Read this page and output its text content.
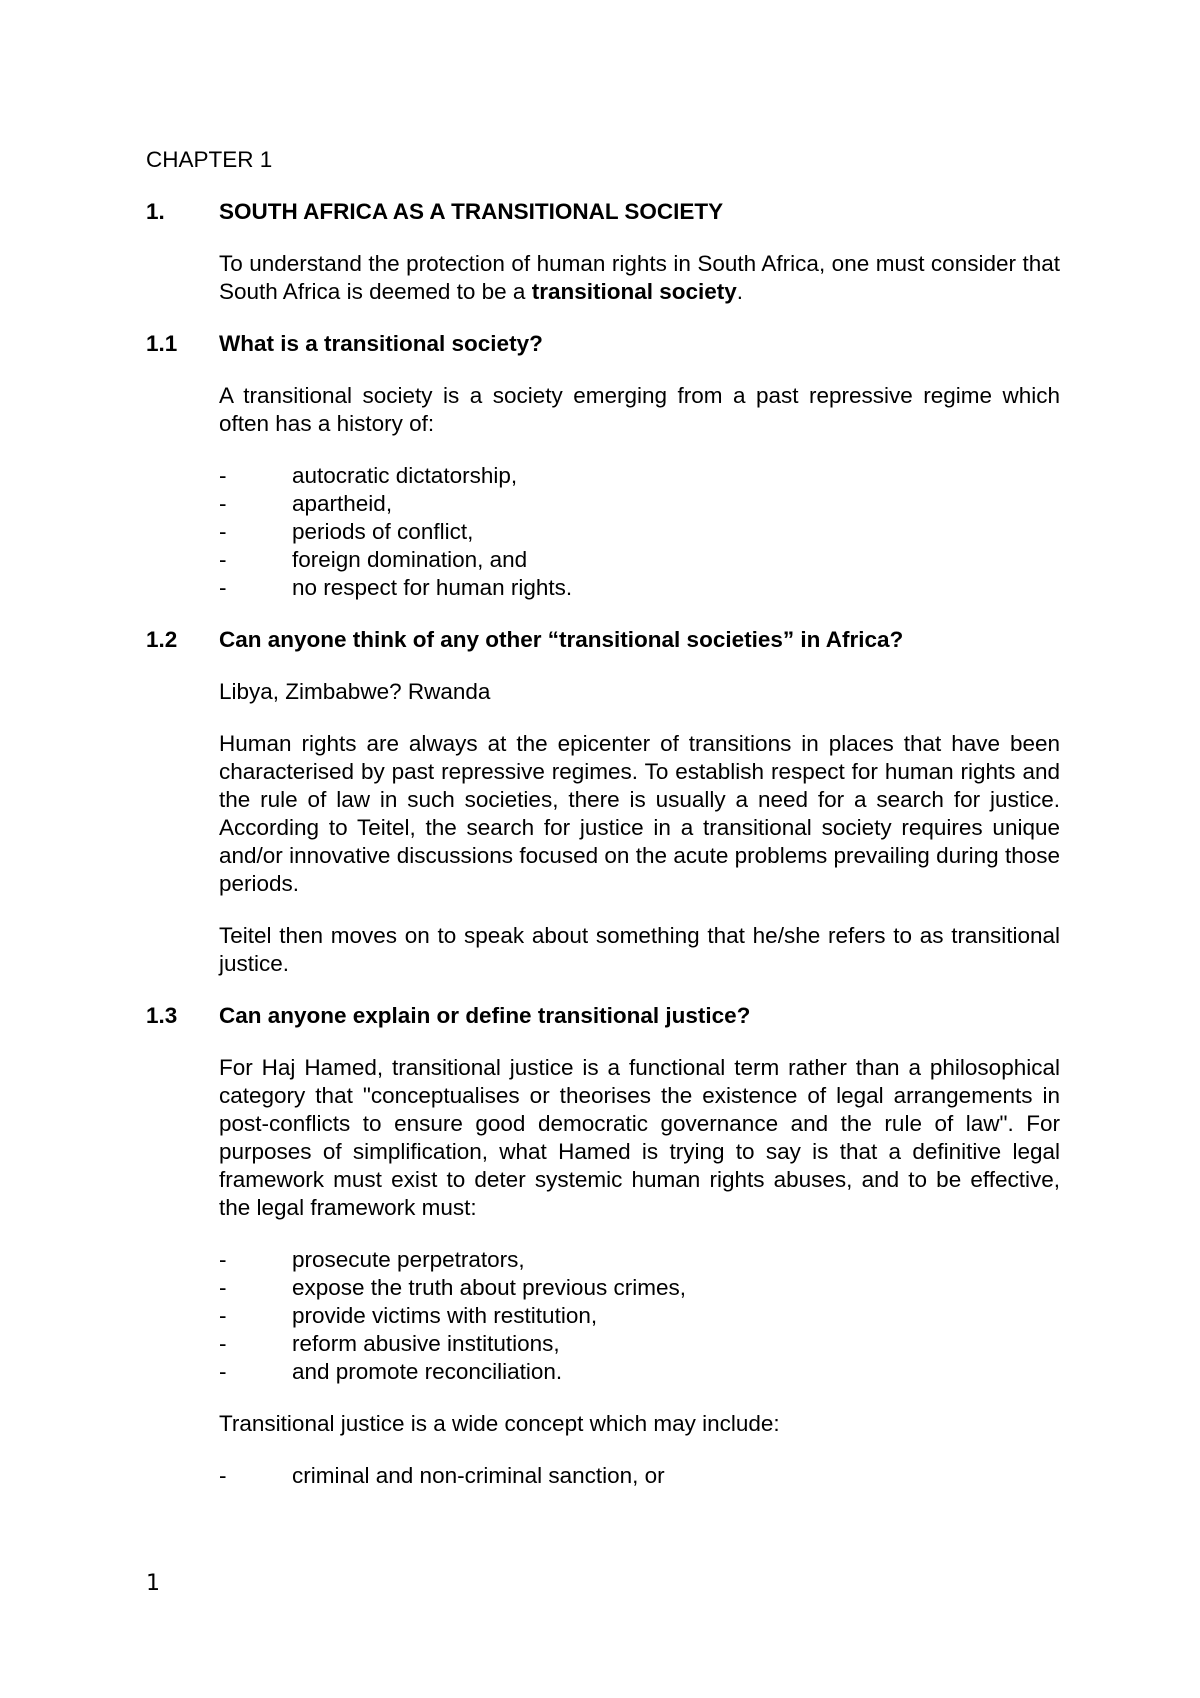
CHAPTER 1
1.	SOUTH AFRICA AS A TRANSITIONAL SOCIETY

To understand the protection of human rights in South Africa, one must consider that South Africa is deemed to be a transitional society.

1.1	What is a transitional society?

A transitional society is a society emerging from a past repressive regime which often has a history of:

-	autocratic dictatorship,
-	apartheid,
-	periods of conflict,
-	foreign domination, and
-	no respect for human rights.
1.2	Can anyone think of any other “transitional societies” in Africa?

Libya, Zimbabwe? Rwanda

Human rights are always at the epicenter of transitions in places that have been characterised by past repressive regimes. To establish respect for human rights and the rule of law in such societies, there is usually a need for a search for justice. According to Teitel, the search for justice in a transitional society requires unique and/or innovative discussions focused on the acute problems prevailing during those periods.

Teitel then moves on to speak about something that he/she refers to as transitional justice.

1.3	Can anyone explain or define transitional justice?

For Haj Hamed, transitional justice is a functional term rather than a philosophical category that "conceptualises or theorises the existence of legal arrangements in post-conflicts to ensure good democratic governance and the rule of law". For purposes of simplification, what Hamed is trying to say is that a definitive legal framework must exist to deter systemic human rights abuses, and to be effective, the legal framework must:

-	prosecute perpetrators,
-	expose the truth about previous crimes,
-	provide victims with restitution,
-	reform abusive institutions,
-	and promote reconciliation.

Transitional justice is a wide concept which may include:

-	criminal and non-criminal sanction, or
1
